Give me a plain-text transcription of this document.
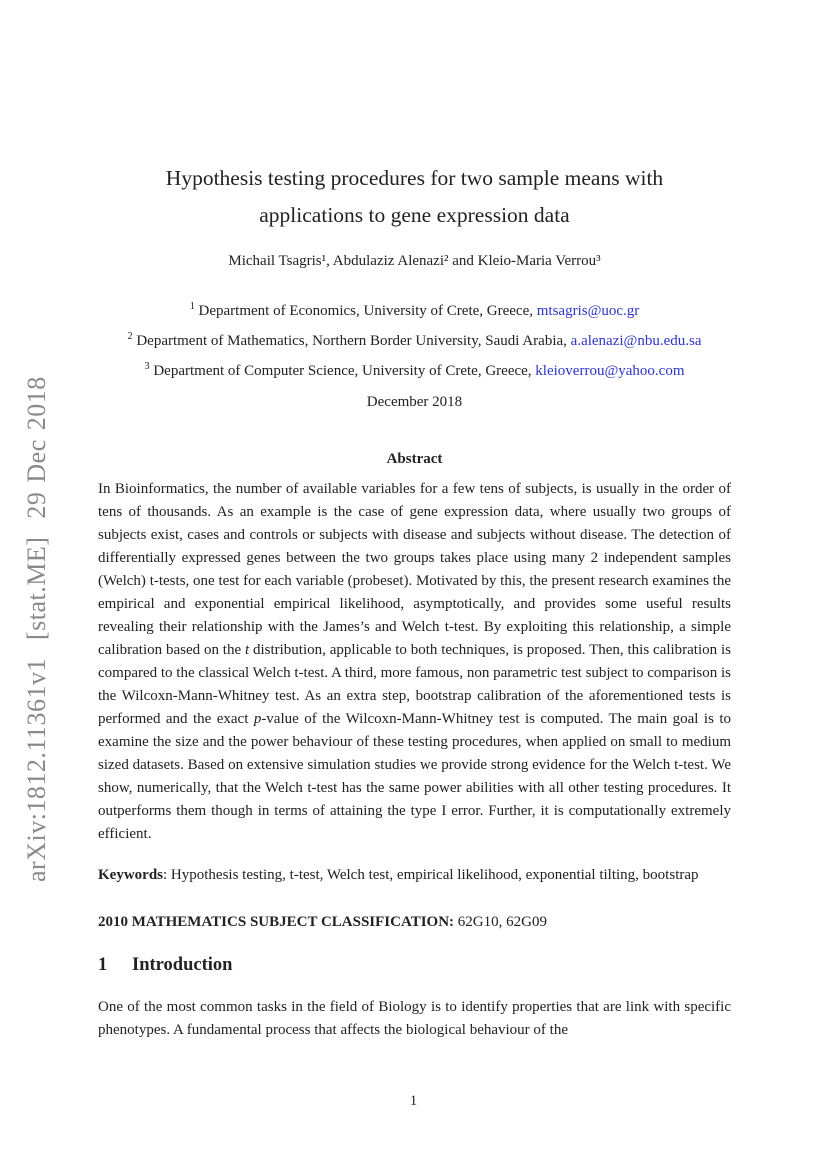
arXiv:1812.11361v1  [stat.ME]  29 Dec 2018
Hypothesis testing procedures for two sample means with
applications to gene expression data
Michail Tsagris¹, Abdulaziz Alenazi² and Kleio-Maria Verrou³
$^1$ Department of Economics, University of Crete, Greece, mtsagris@uoc.gr
$^2$ Department of Mathematics, Northern Border University, Saudi Arabia, a.alenazi@nbu.edu.sa
$^3$ Department of Computer Science, University of Crete, Greece, kleioverrou@yahoo.com
December 2018
Abstract
In Bioinformatics, the number of available variables for a few tens of subjects, is usually in the order of tens of thousands. As an example is the case of gene expression data, where usually two groups of subjects exist, cases and controls or subjects with disease and subjects without disease. The detection of differentially expressed genes between the two groups takes place using many 2 independent samples (Welch) t-tests, one test for each variable (probeset). Motivated by this, the present research examines the empirical and exponential empirical likelihood, asymptotically, and provides some useful results revealing their relationship with the James’s and Welch t-test. By exploiting this relationship, a simple calibration based on the t distribution, applicable to both techniques, is proposed. Then, this calibration is compared to the classical Welch t-test. A third, more famous, non parametric test subject to comparison is the Wilcoxn-Mann-Whitney test. As an extra step, bootstrap calibration of the aforementioned tests is performed and the exact p-value of the Wilcoxn-Mann-Whitney test is computed. The main goal is to examine the size and the power behaviour of these testing procedures, when applied on small to medium sized datasets. Based on extensive simulation studies we provide strong evidence for the Welch t-test. We show, numerically, that the Welch t-test has the same power abilities with all other testing procedures. It outperforms them though in terms of attaining the type I error. Further, it is computationally extremely efficient.
Keywords: Hypothesis testing, t-test, Welch test, empirical likelihood, exponential tilting, bootstrap
2010 MATHEMATICS SUBJECT CLASSIFICATION: 62G10, 62G09
1 Introduction
One of the most common tasks in the field of Biology is to identify properties that are link with specific phenotypes. A fundamental process that affects the biological behaviour of the
1
